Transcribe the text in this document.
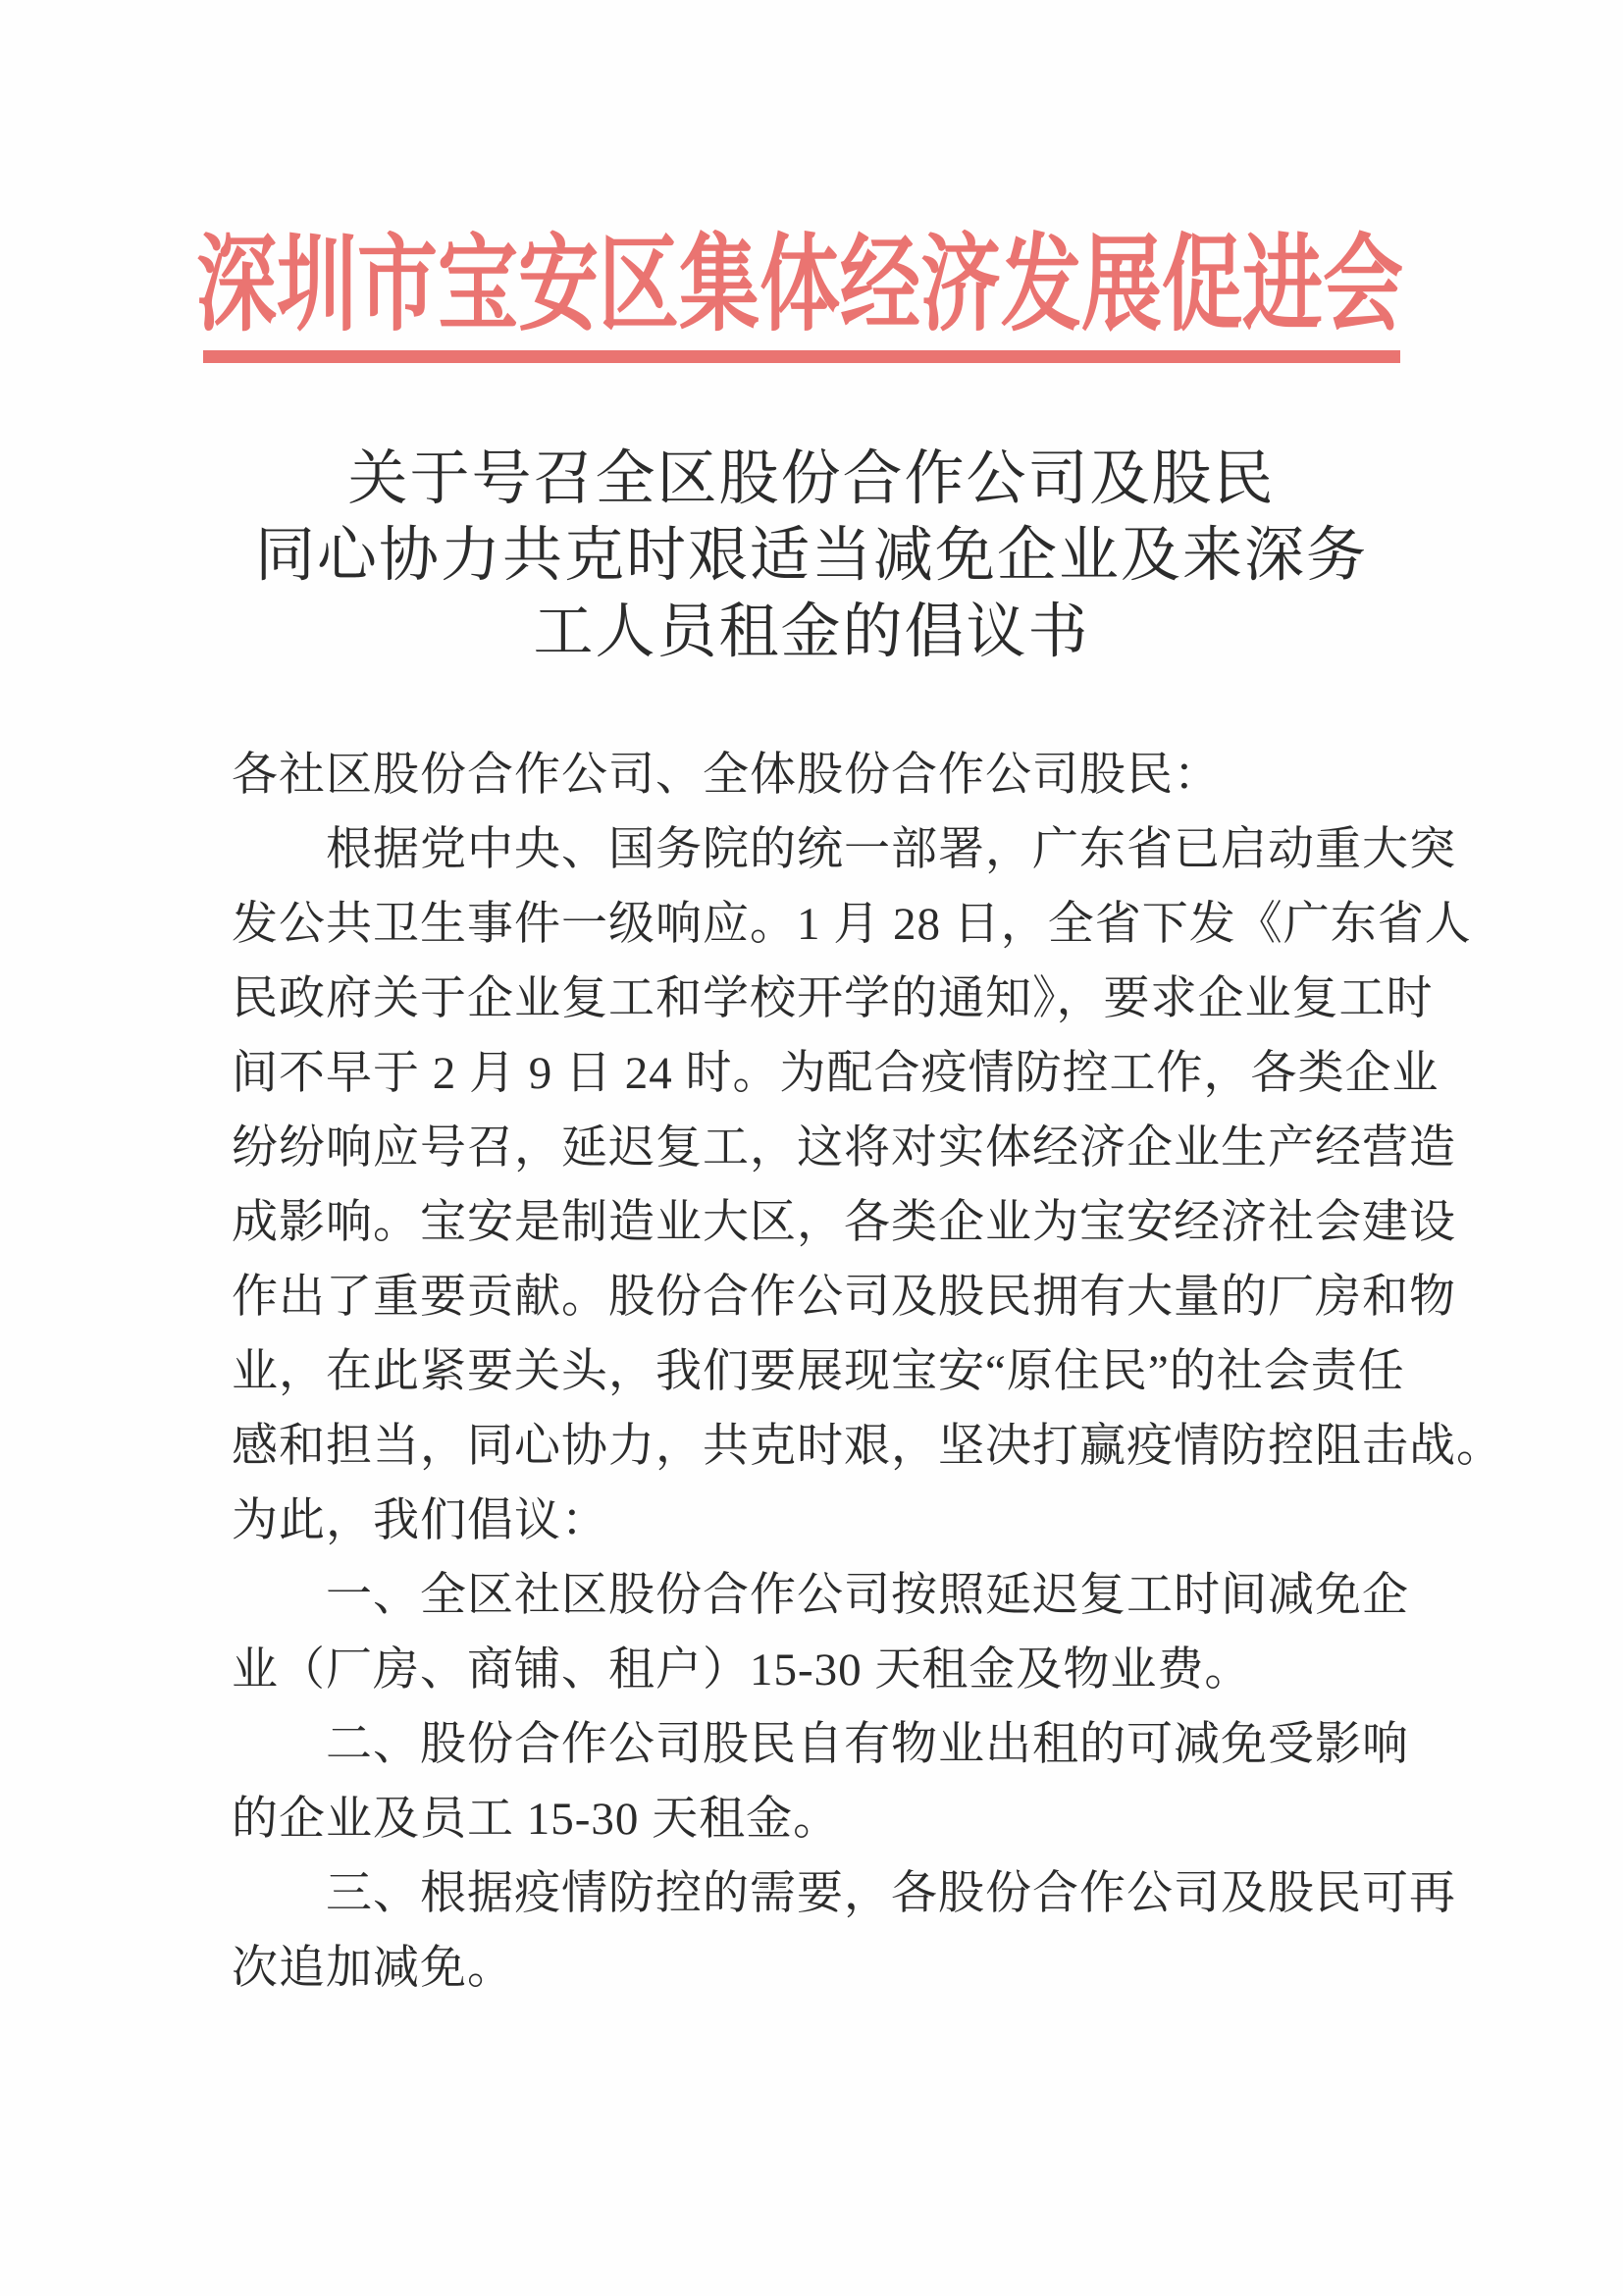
深圳市宝安区集体经济发展促进会
关于号召全区股份合作公司及股民
同心协力共克时艰适当减免企业及来深务
工人员租金的倡议书
各社区股份合作公司、全体股份合作公司股民：
根据党中央、国务院的统一部署，广东省已启动重大突
发公共卫生事件一级响应。1 月 28 日，全省下发《广东省人
民政府关于企业复工和学校开学的通知》，要求企业复工时
间不早于 2 月 9 日 24 时。为配合疫情防控工作，各类企业
纷纷响应号召，延迟复工，这将对实体经济企业生产经营造
成影响。宝安是制造业大区，各类企业为宝安经济社会建设
作出了重要贡献。股份合作公司及股民拥有大量的厂房和物
业，在此紧要关头，我们要展现宝安“原住民”的社会责任
感和担当，同心协力，共克时艰，坚决打赢疫情防控阻击战。
为此，我们倡议：
一、全区社区股份合作公司按照延迟复工时间减免企
业（厂房、商铺、租户）15-30 天租金及物业费。
二、股份合作公司股民自有物业出租的可减免受影响
的企业及员工 15-30 天租金。
三、根据疫情防控的需要，各股份合作公司及股民可再
次追加减免。
